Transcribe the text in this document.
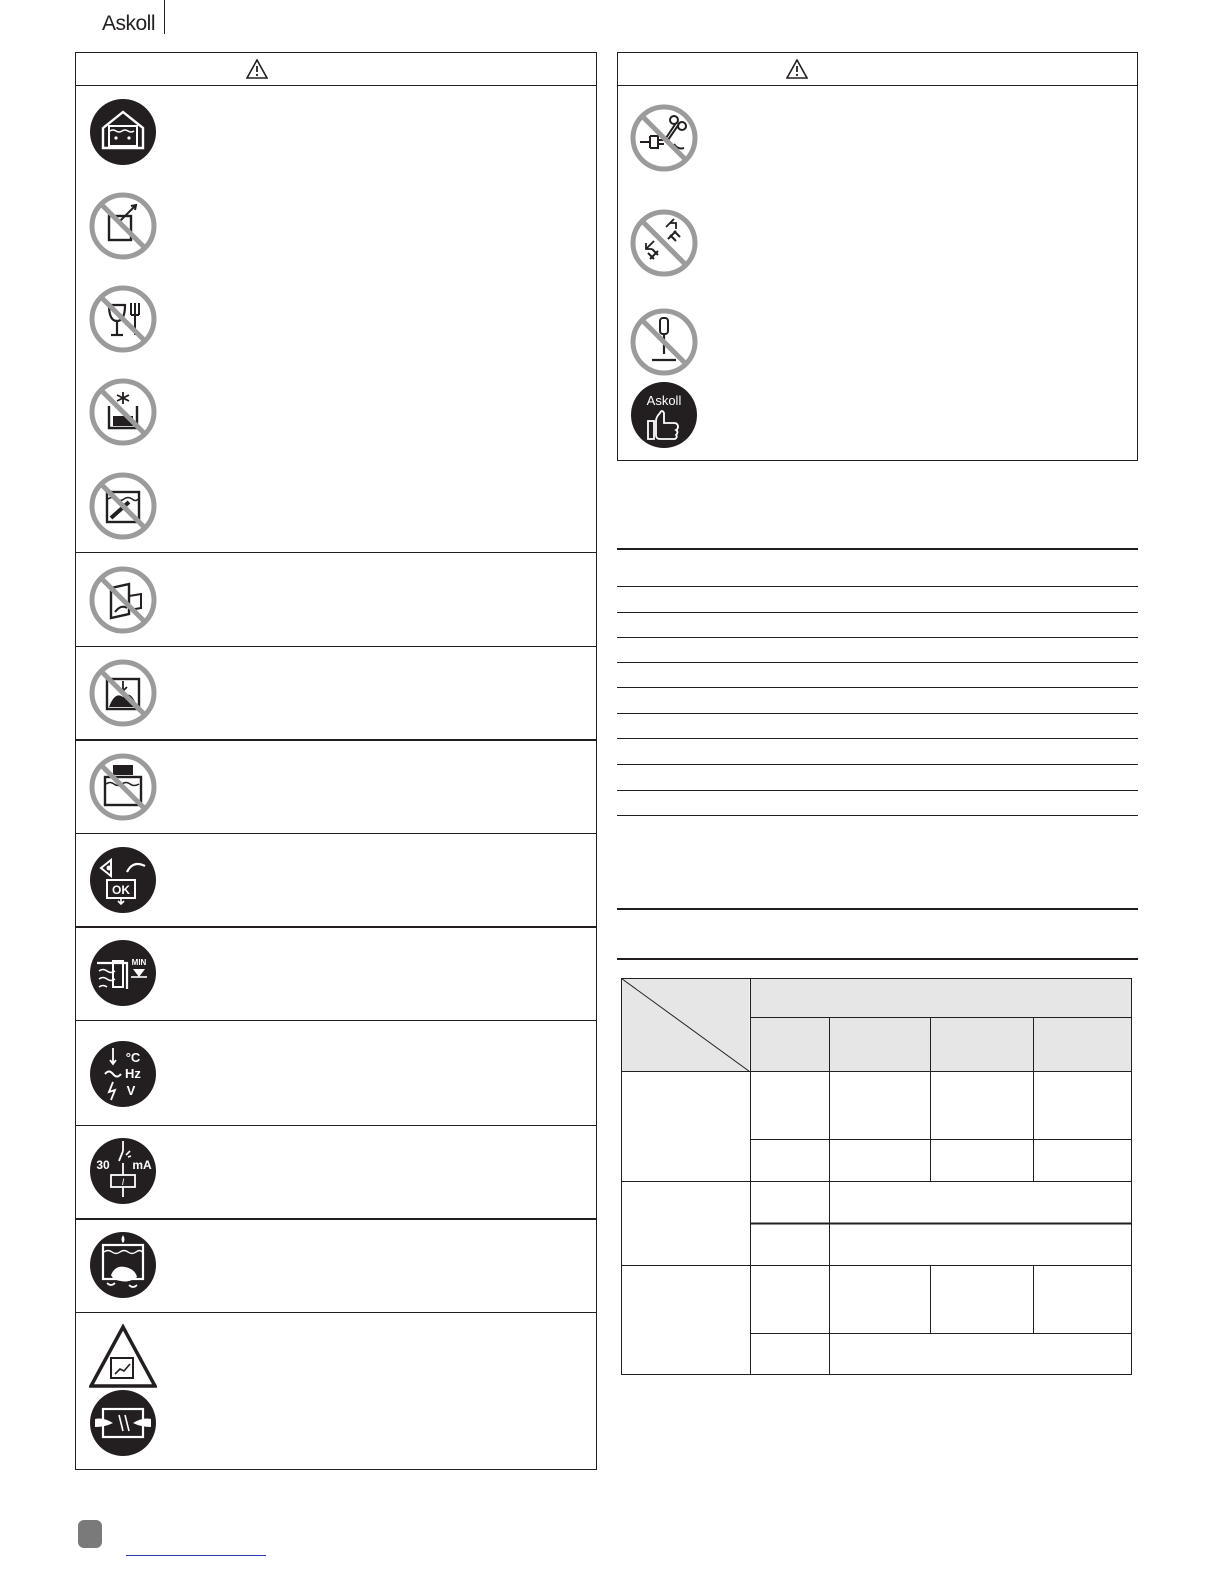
Askoll
OK
MIN
°C
Hz
V
30 mA
I
Askoll
